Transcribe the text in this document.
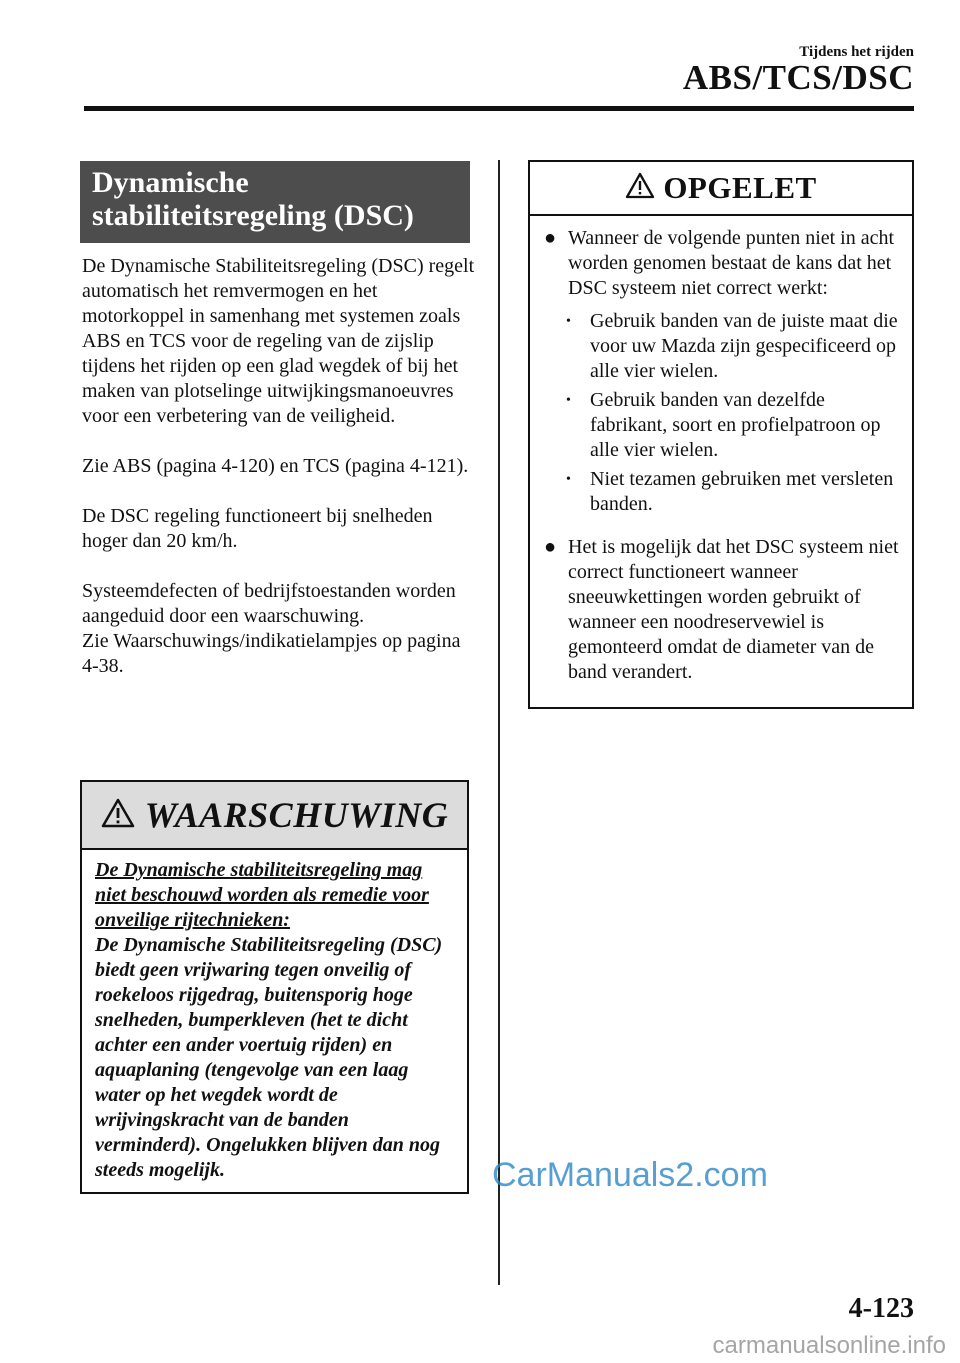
Tijdens het rijden
ABS/TCS/DSC
Dynamische
stabiliteitsregeling (DSC)

De Dynamische Stabiliteitsregeling (DSC) regelt automatisch het remvermogen en het motorkoppel in samenhang met systemen zoals ABS en TCS voor de regeling van de zijslip tijdens het rijden op een glad wegdek of bij het maken van plotselinge uitwijkingsmanoeuvres voor een verbetering van de veiligheid.

Zie ABS (pagina 4-120) en TCS (pagina 4-121).

De DSC regeling functioneert bij snelheden hoger dan 20 km/h.

Systeemdefecten of bedrijfstoestanden worden aangeduid door een waarschuwing.
Zie Waarschuwings/indikatielampjes op pagina 4-38.

WAARSCHUWING
De Dynamische stabiliteitsregeling mag niet beschouwd worden als remedie voor onveilige rijtechnieken:
De Dynamische Stabiliteitsregeling (DSC) biedt geen vrijwaring tegen onveilig of roekeloos rijgedrag, buitensporig hoge snelheden, bumperkleven (het te dicht achter een ander voertuig rijden) en aquaplaning (tengevolge van een laag water op het wegdek wordt de wrijvingskracht van de banden verminderd). Ongelukken blijven dan nog steeds mogelijk.
OPGELET
● Wanneer de volgende punten niet in acht worden genomen bestaat de kans dat het DSC systeem niet correct werkt:
• Gebruik banden van de juiste maat die voor uw Mazda zijn gespecificeerd op alle vier wielen.
• Gebruik banden van dezelfde fabrikant, soort en profielpatroon op alle vier wielen.
• Niet tezamen gebruiken met versleten banden.
● Het is mogelijk dat het DSC systeem niet correct functioneert wanneer sneeuwkettingen worden gebruikt of wanneer een noodreservewiel is gemonteerd omdat de diameter van de band verandert.
CarManuals2.com
4-123
carmanualsonline.info
